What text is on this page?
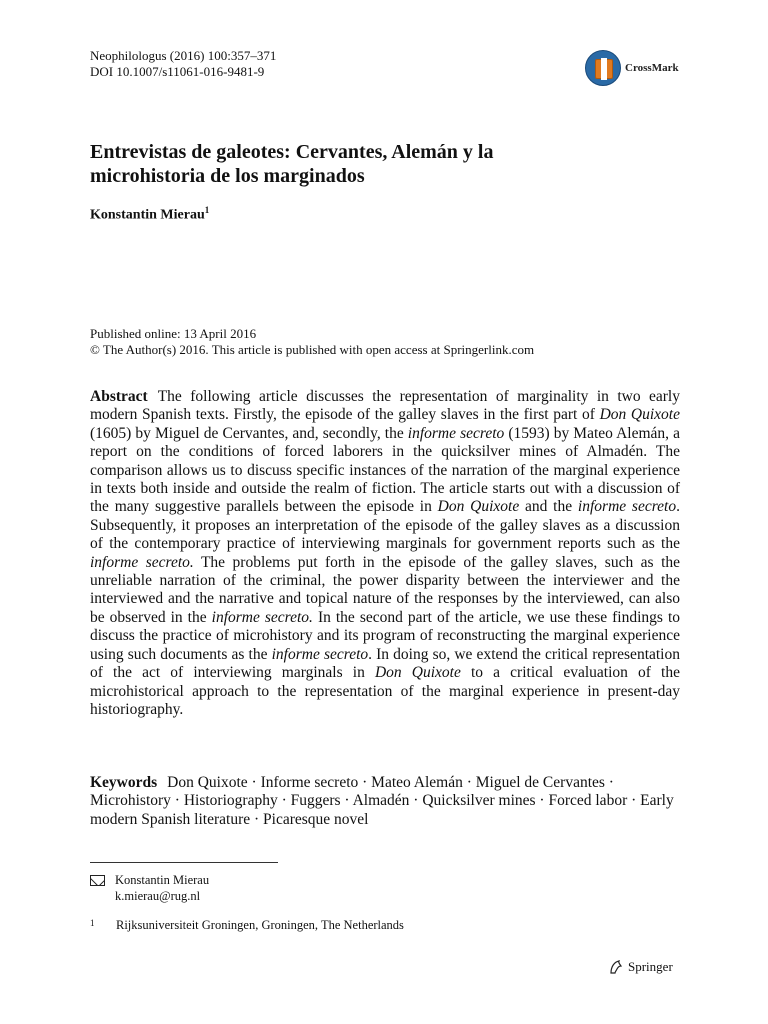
Neophilologus (2016) 100:357–371
DOI 10.1007/s11061-016-9481-9	CrossMark
Entrevistas de galeotes: Cervantes, Alemán y la
microhistoria de los marginados
Konstantin Mierau$^1$
Published online: 13 April 2016
© The Author(s) 2016. This article is published with open access at Springerlink.com
Abstract The following article discusses the representation of marginality in two early modern Spanish texts. Firstly, the episode of the galley slaves in the first part of Don Quixote (1605) by Miguel de Cervantes, and, secondly, the informe secreto (1593) by Mateo Alemán, a report on the conditions of forced laborers in the quicksilver mines of Almadén. The comparison allows us to discuss specific instances of the narration of the marginal experience in texts both inside and outside the realm of fiction. The article starts out with a discussion of the many suggestive parallels between the episode in Don Quixote and the informe secreto. Subsequently, it proposes an interpretation of the episode of the galley slaves as a discussion of the contemporary practice of interviewing marginals for government reports such as the informe secreto. The problems put forth in the episode of the galley slaves, such as the unreliable narration of the criminal, the power disparity between the interviewer and the interviewed and the narrative and topical nature of the responses by the interviewed, can also be observed in the informe secreto. In the second part of the article, we use these findings to discuss the practice of microhistory and its program of reconstructing the marginal experience using such documents as the informe secreto. In doing so, we extend the critical representation of the act of interviewing marginals in Don Quixote to a critical evaluation of the microhistorical approach to the representation of the marginal experience in present-day historiography.
Keywords Don Quixote · Informe secreto · Mateo Alemán · Miguel de Cervantes · Microhistory · Historiography · Fuggers · Almadén · Quicksilver mines · Forced labor · Early modern Spanish literature · Picaresque novel
Konstantin Mierau
k.mierau@rug.nl
1	Rijksuniversiteit Groningen, Groningen, The Netherlands
Springer
